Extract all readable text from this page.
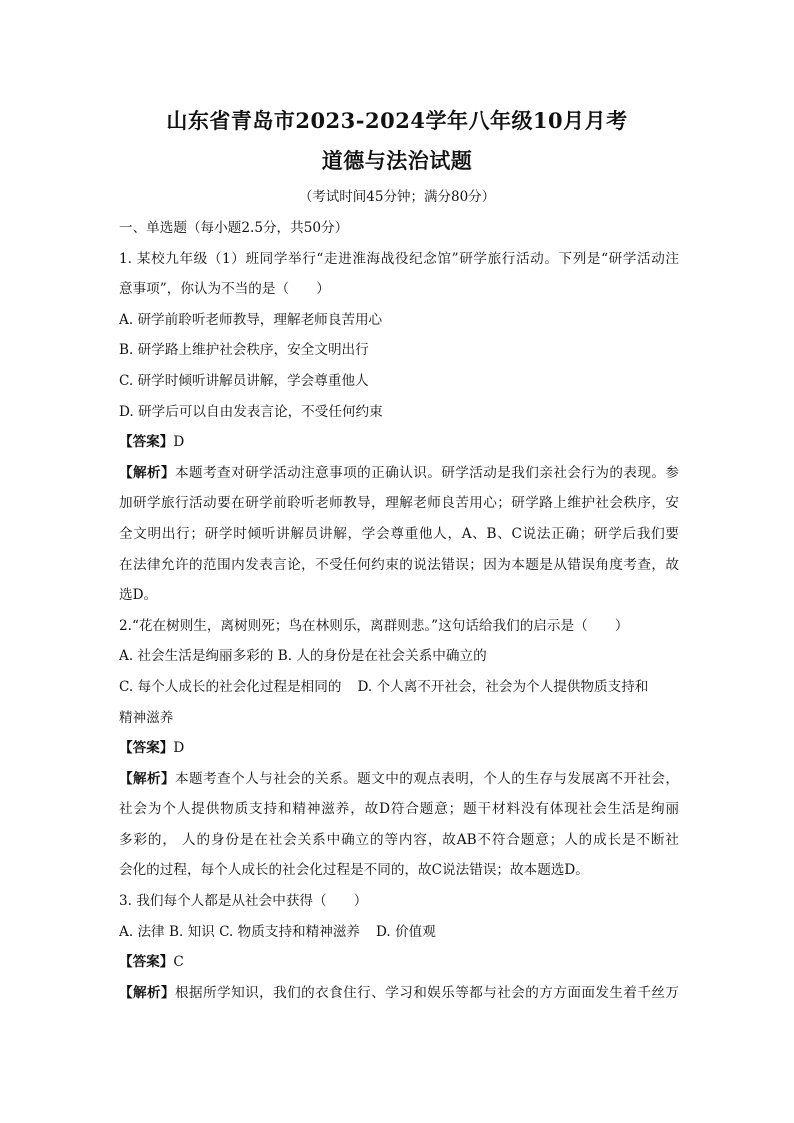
山东省青岛市2023-2024学年八年级10月月考
道德与法治试题
（考试时间45分钟；满分80分）
一、单选题（每小题2.5分，共50分）
1. 某校九年级（1）班同学举行“走进淮海战役纪念馆”研学旅行活动。下列是“研学活动注
意事项”，你认为不当的是（　　）
A. 研学前聆听老师教导，理解老师良苦用心
B. 研学路上维护社会秩序，安全文明出行
C. 研学时倾听讲解员讲解，学会尊重他人
D. 研学后可以自由发表言论，不受任何约束
【答案】D
【解析】本题考查对研学活动注意事项的正确认识。研学活动是我们亲社会行为的表现。参
加研学旅行活动要在研学前聆听老师教导，理解老师良苦用心；研学路上维护社会秩序，安
全文明出行；研学时倾听讲解员讲解，学会尊重他人，A、B、C说法正确；研学后我们要
在法律允许的范围内发表言论，不受任何约束的说法错误；因为本题是从错误角度考查，故
选D。
2.“花在树则生，离树则死；鸟在林则乐，离群则悲。”这句话给我们的启示是（　　）
A. 社会生活是绚丽多彩的 B. 人的身份是在社会关系中确立的
C. 每个人成长的社会化过程是相同的 D. 个人离不开社会，社会为个人提供物质支持和
精神滋养
【答案】D
【解析】本题考查个人与社会的关系。题文中的观点表明，个人的生存与发展离不开社会，
社会为个人提供物质支持和精神滋养，故D符合题意；题干材料没有体现社会生活是绚丽
多彩的， 人的身份是在社会关系中确立的等内容，故AB不符合题意；人的成长是不断社
会化的过程，每个人成长的社会化过程是不同的，故C说法错误；故本题选D。
3. 我们每个人都是从社会中获得（　　）
A. 法律 B. 知识 C. 物质支持和精神滋养 D. 价值观
【答案】C
【解析】根据所学知识，我们的衣食住行、学习和娱乐等都与社会的方方面面发生着千丝万
